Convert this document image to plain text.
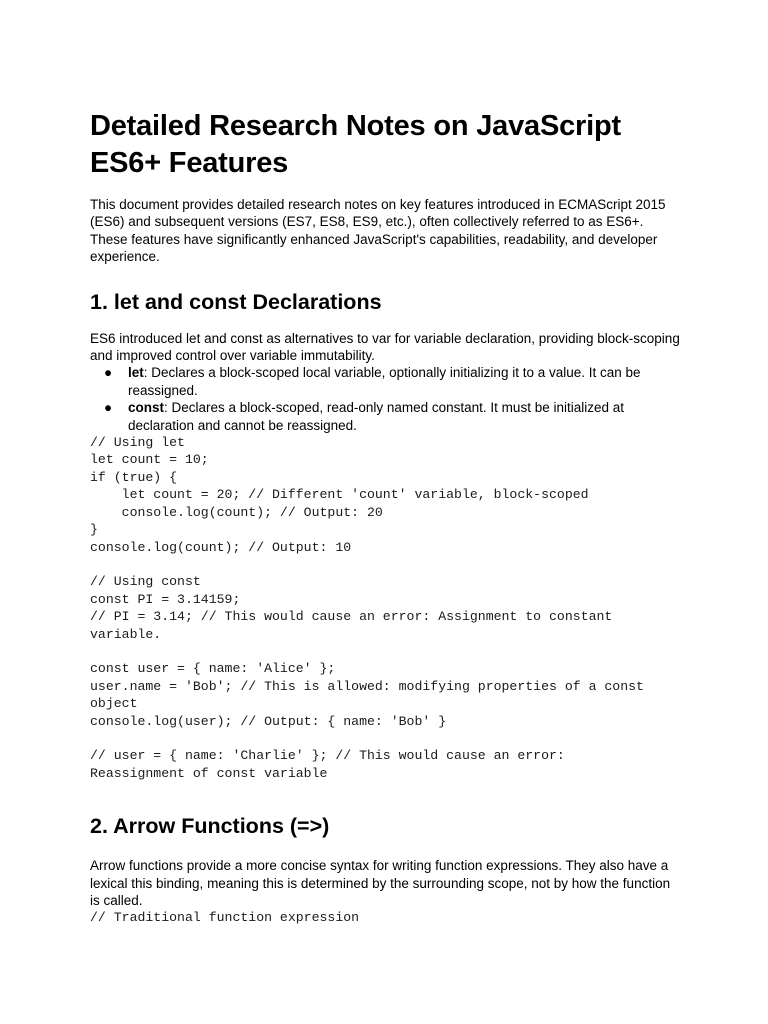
Detailed Research Notes on JavaScript ES6+ Features

This document provides detailed research notes on key features introduced in ECMAScript 2015 (ES6) and subsequent versions (ES7, ES8, ES9, etc.), often collectively referred to as ES6+. These features have significantly enhanced JavaScript's capabilities, readability, and developer experience.

1. let and const Declarations

ES6 introduced let and const as alternatives to var for variable declaration, providing block-scoping and improved control over variable immutability.

● let: Declares a block-scoped local variable, optionally initializing it to a value. It can be reassigned.
● const: Declares a block-scoped, read-only named constant. It must be initialized at declaration and cannot be reassigned.
// Using let
let count = 10;
if (true) {
let count = 20; // Different 'count' variable, block-scoped
console.log(count); // Output: 20
}
console.log(count); // Output: 10

// Using const
const PI = 3.14159;
// PI = 3.14; // This would cause an error: Assignment to constant
variable.

const user = { name: 'Alice' };
user.name = 'Bob'; // This is allowed: modifying properties of a const
object
console.log(user); // Output: { name: 'Bob' }

// user = { name: 'Charlie' }; // This would cause an error:
Reassignment of const variable
2. Arrow Functions (=>)

Arrow functions provide a more concise syntax for writing function expressions. They also have a lexical this binding, meaning this is determined by the surrounding scope, not by how the function is called.

// Traditional function expression
